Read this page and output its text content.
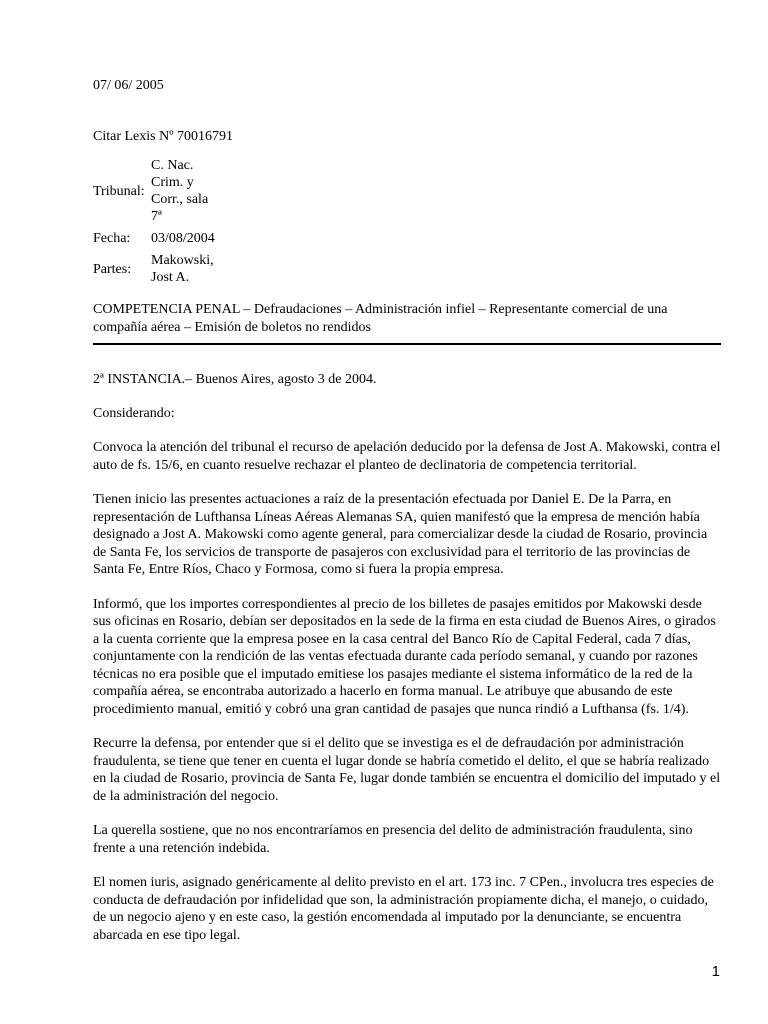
07/ 06/ 2005

Citar Lexis Nº 70016791

Tribunal:	C. Nac.
Crim. y
Corr., sala
7ª

Fecha:	03/08/2004
Partes:	Makowski,
Jost A.

COMPETENCIA PENAL – Defraudaciones – Administración infiel – Representante comercial de una
compañía aérea – Emisión de boletos no rendidos

2ª INSTANCIA.– Buenos Aires, agosto 3 de 2004.

Considerando:

Convoca la atención del tribunal el recurso de apelación deducido por la defensa de Jost A. Makowski, contra el auto de fs. 15/6, en cuanto resuelve rechazar el planteo de declinatoria de competencia territorial.

Tienen inicio las presentes actuaciones a raíz de la presentación efectuada por Daniel E. De la Parra, en representación de Lufthansa Líneas Aéreas Alemanas SA, quien manifestó que la empresa de mención había designado a Jost A. Makowski como agente general, para comercializar desde la ciudad de Rosario, provincia de Santa Fe, los servicios de transporte de pasajeros con exclusividad para el territorio de las provincias de Santa Fe, Entre Ríos, Chaco y Formosa, como si fuera la propia empresa.

Informó, que los importes correspondientes al precio de los billetes de pasajes emitidos por Makowski desde sus oficinas en Rosario, debían ser depositados en la sede de la firma en esta ciudad de Buenos Aires, o girados a la cuenta corriente que la empresa posee en la casa central del Banco Río de Capital Federal, cada 7 días, conjuntamente con la rendición de las ventas efectuada durante cada período semanal, y cuando por razones técnicas no era posible que el imputado emitiese los pasajes mediante el sistema informático de la red de la compañía aérea, se encontraba autorizado a hacerlo en forma manual. Le atribuye que abusando de este procedimiento manual, emitió y cobró una gran cantidad de pasajes que nunca rindió a Lufthansa (fs. 1/4).

Recurre la defensa, por entender que si el delito que se investiga es el de defraudación por administración fraudulenta, se tiene que tener en cuenta el lugar donde se habría cometido el delito, el que se habría realizado en la ciudad de Rosario, provincia de Santa Fe, lugar donde también se encuentra el domicilio del imputado y el de la administración del negocio.

La querella sostiene, que no nos encontraríamos en presencia del delito de administración fraudulenta, sino frente a una retención indebida.

El nomen iuris, asignado genéricamente al delito previsto en el art. 173 inc. 7 CPen., involucra tres especies de conducta de defraudación por infidelidad que son, la administración propiamente dicha, el manejo, o cuidado, de un negocio ajeno y en este caso, la gestión encomendada al imputado por la denunciante, se encuentra abarcada en ese tipo legal.

1
